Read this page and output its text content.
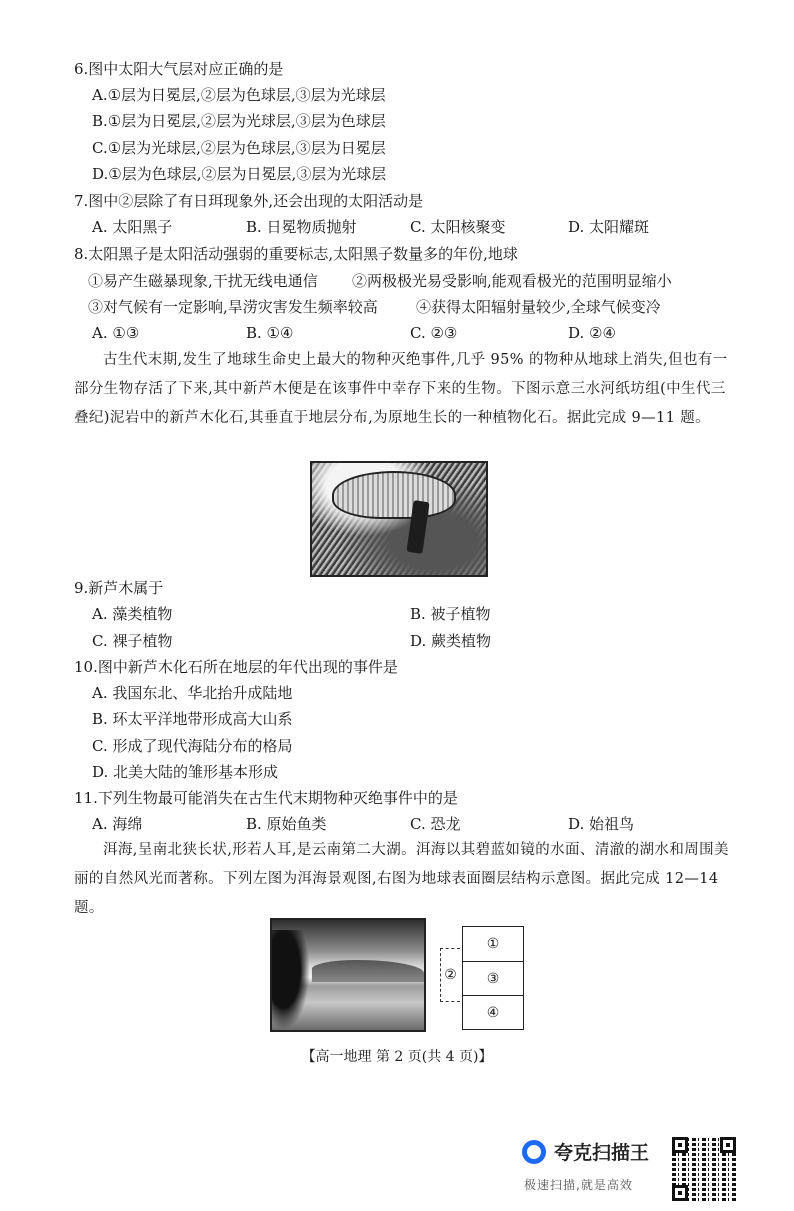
6.图中太阳大气层对应正确的是
A.①层为日冕层,②层为色球层,③层为光球层
B.①层为日冕层,②层为光球层,③层为色球层
C.①层为光球层,②层为色球层,③层为日冕层
D.①层为色球层,②层为日冕层,③层为光球层
7.图中②层除了有日珥现象外,还会出现的太阳活动是
A. 太阳黑子	B. 日冕物质抛射	C. 太阳核聚变	D. 太阳耀斑
8.太阳黑子是太阳活动强弱的重要标志,太阳黑子数量多的年份,地球
①易产生磁暴现象,干扰无线电通信 ②两极极光易受影响,能观看极光的范围明显缩小
③对气候有一定影响,旱涝灾害发生频率较高	④获得太阳辐射量较少,全球气候变冷
A. ①③	B. ①④	C. ②③	D. ②④
古生代末期,发生了地球生命史上最大的物种灭绝事件,几乎 95% 的物种从地球上消失,但也有一部分生物存活了下来,其中新芦木便是在该事件中幸存下来的生物。下图示意三水河纸坊组(中生代三叠纪)泥岩中的新芦木化石,其垂直于地层分布,为原地生长的一种植物化石。据此完成 9—11 题。
9.新芦木属于
A. 藻类植物	B. 被子植物
C. 裸子植物	D. 蕨类植物
10.图中新芦木化石所在地层的年代出现的事件是
A. 我国东北、华北抬升成陆地
B. 环太平洋地带形成高大山系
C. 形成了现代海陆分布的格局
D. 北美大陆的雏形基本形成
11.下列生物最可能消失在古生代末期物种灭绝事件中的是
A. 海绵	B. 原始鱼类	C. 恐龙	D. 始祖鸟
洱海,呈南北狭长状,形若人耳,是云南第二大湖。洱海以其碧蓝如镜的水面、清澈的湖水和周围美丽的自然风光而著称。下列左图为洱海景观图,右图为地球表面圈层结构示意图。据此完成 12—14 题。
①
③
④
②
【高一地理 第 2 页(共 4 页)】
夸克扫描王
极速扫描,就是高效
